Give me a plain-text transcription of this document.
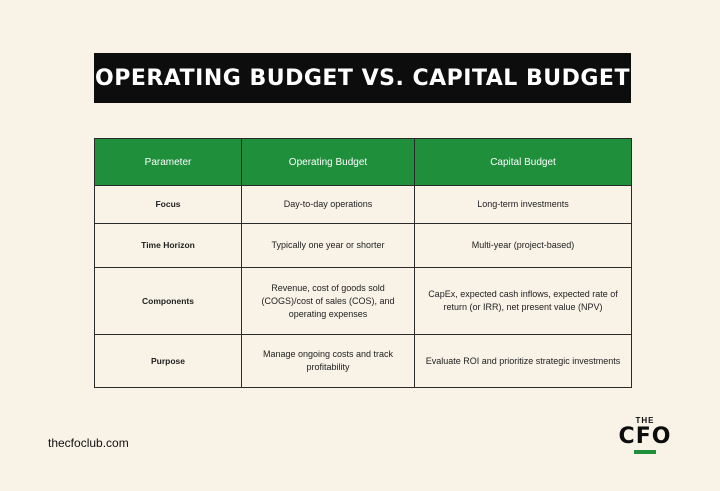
OPERATING BUDGET VS. CAPITAL BUDGET
Parameter	Operating Budget	Capital Budget
Focus	Day-to-day operations	Long-term investments
Time Horizon	Typically one year or shorter	Multi-year (project-based)
Components	Revenue, cost of goods sold (COGS)/cost of sales (COS), and operating expenses	CapEx, expected cash inflows, expected rate of return (or IRR), net present value (NPV)
Purpose	Manage ongoing costs and track profitability	Evaluate ROI and prioritize strategic investments
thecfoclub.com
THE
CFO
